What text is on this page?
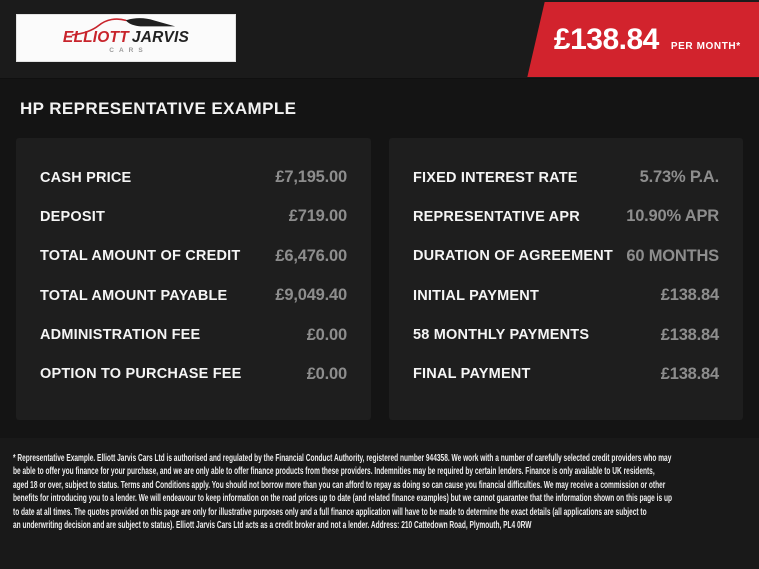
ELLIOTT JARVIS
CARS	£138.84 PER MONTH*
HP REPRESENTATIVE EXAMPLE
CASH PRICE	£7,195.00
DEPOSIT	£719.00
TOTAL AMOUNT OF CREDIT £6,476.00
TOTAL AMOUNT PAYABLE	£9,049.40
ADMINISTRATION FEE	£0.00
OPTION TO PURCHASE FEE	£0.00
FIXED INTEREST RATE	5.73% P.A.
REPRESENTATIVE APR	10.90% APR
DURATION OF AGREEMENT 60 MONTHS
INITIAL PAYMENT	£138.84
58 MONTHLY PAYMENTS	£138.84
FINAL PAYMENT	£138.84
* Representative Example. Elliott Jarvis Cars Ltd is authorised and regulated by the Financial Conduct Authority, registered number 944358. We work with a number of carefully selected credit providers who may
be able to offer you finance for your purchase, and we are only able to offer finance products from these providers. Indemnities may be required by certain lenders. Finance is only available to UK residents,
aged 18 or over, subject to status. Terms and Conditions apply. You should not borrow more than you can afford to repay as doing so can cause you financial difficulties. We may receive a commission or other
benefits for introducing you to a lender. We will endeavour to keep information on the road prices up to date (and related finance examples) but we cannot guarantee that the information shown on this page is up
to date at all times. The quotes provided on this page are only for illustrative purposes only and a full finance application will have to be made to determine the exact details (all applications are subject to
an underwriting decision and are subject to status). Elliott Jarvis Cars Ltd acts as a credit broker and not a lender. Address: 210 Cattedown Road, Plymouth, PL4 0RW
